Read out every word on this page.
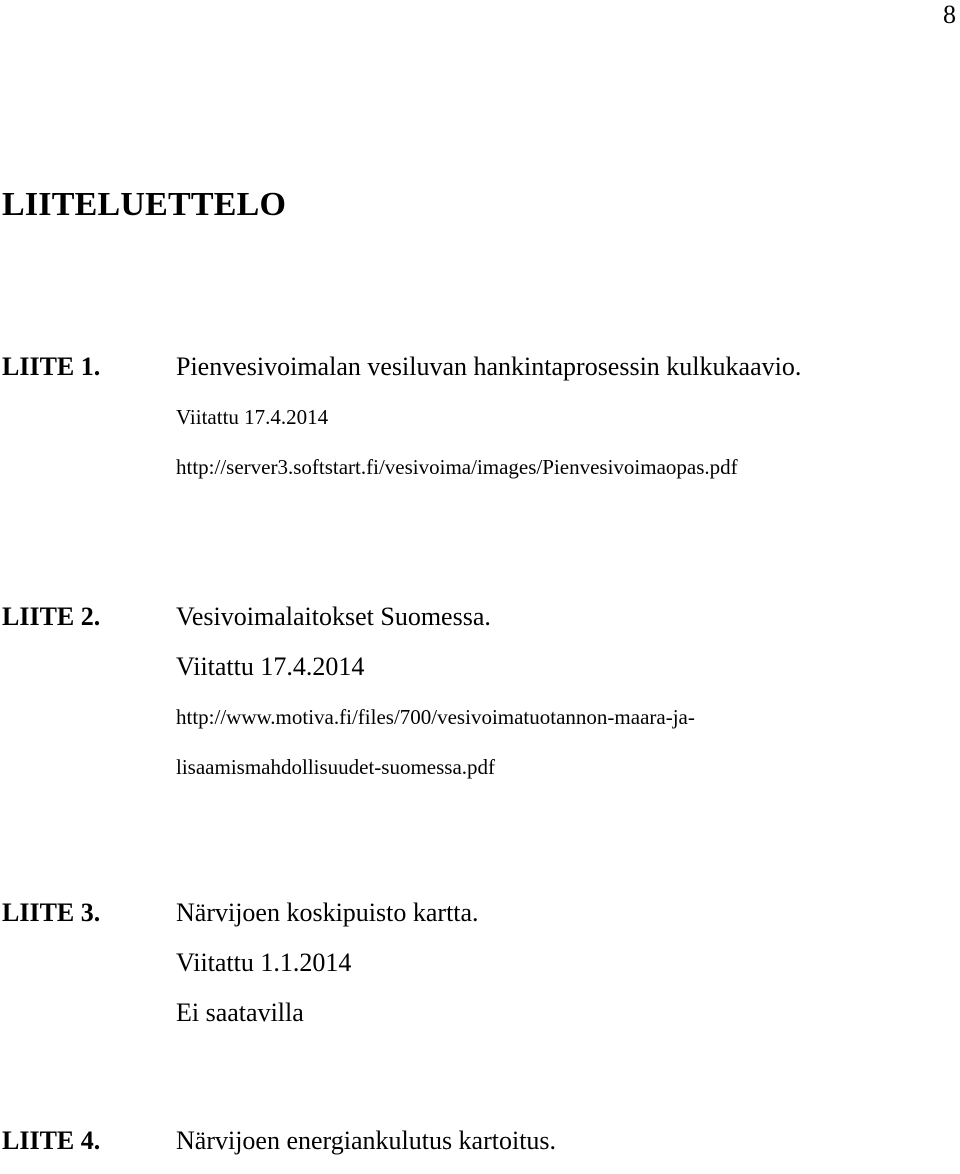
8
LIITELUETTELO
LIITE 1.	Pienvesivoimalan vesiluvan hankintaprosessin kulkukaavio.
Viitattu 17.4.2014
http://server3.softstart.fi/vesivoima/images/Pienvesivoimaopas.pdf
LIITE 2.	Vesivoimalaitokset Suomessa.
Viitattu 17.4.2014
http://www.motiva.fi/files/700/vesivoimatuotannon-maara-ja-
lisaamismahdollisuudet-suomessa.pdf
LIITE 3.	Närvijoen koskipuisto kartta.
Viitattu 1.1.2014
Ei saatavilla
LIITE 4.	Närvijoen energiankulutus kartoitus.
